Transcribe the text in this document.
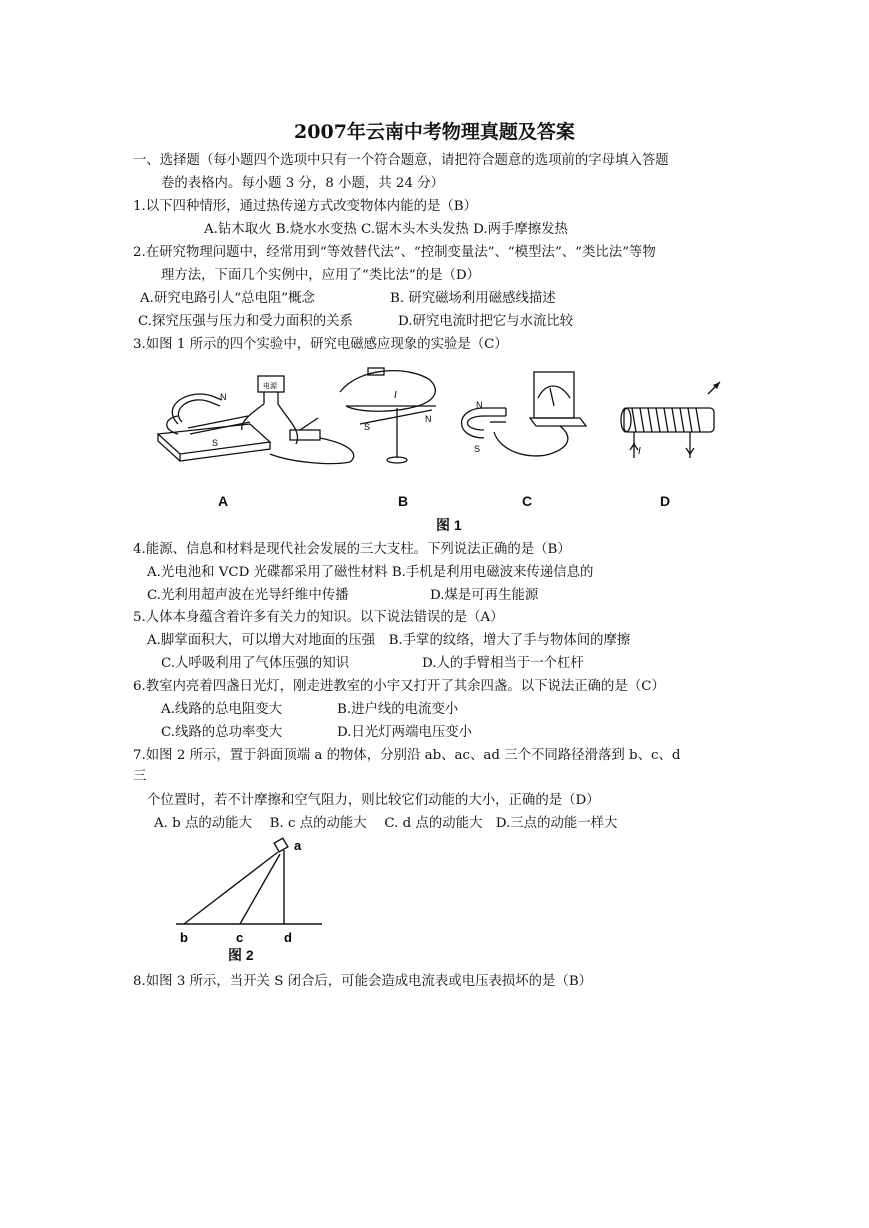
2007年云南中考物理真题及答案
一、选择题（每小题四个选项中只有一个符合题意，请把符合题意的选项前的字母填入答题
卷的表格内。每小题 3 分，8 小题，共 24 分）
1.以下四种情形，通过热传递方式改变物体内能的是（B）
A.钻木取火 B.烧水水变热 C.锯木头木头发热 D.两手摩擦发热
2.在研究物理问题中，经常用到“等效替代法”、“控制变量法”、“模型法”、“类比法”等物
理方法，下面几个实例中，应用了“类比法”的是（D）
A.研究电路引人“总电阻”概念	B. 研究磁场利用磁感线描述
C.探究压强与压力和受力面积的关系	D.研究电流时把它与水流比较
3.如图 1 所示的四个实验中，研究电磁感应现象的实验是（C）
N
S
电源
S
N
I
N
S	I
A	B	C	D
图 1
4.能源、信息和材料是现代社会发展的三大支柱。下列说法正确的是（B）
A.光电池和 VCD 光碟都采用了磁性材料 B.手机是利用电磁波来传递信息的
C.光利用超声波在光导纤维中传播	D.煤是可再生能源
5.人体本身蕴含着许多有关力的知识。以下说法错误的是（A）
A.脚掌面积大，可以增大对地面的压强　B.手掌的纹络，增大了手与物体间的摩擦
C.人呼吸利用了气体压强的知识	D.人的手臂相当于一个杠杆
6.教室内亮着四盏日光灯，刚走进教室的小宇又打开了其余四盏。以下说法正确的是（C）
A.线路的总电阻变大	B.进户线的电流变小
C.线路的总功率变大	D.日光灯两端电压变小
7.如图 2 所示，置于斜面顶端 a 的物体，分别沿 ab、ac、ad 三个不同路径滑落到 b、c、d
三
个位置时，若不计摩擦和空气阻力，则比较它们动能的大小，正确的是（D）
A. b 点的动能大　 B. c 点的动能大　 C. d 点的动能大　D.三点的动能一样大
a
b	c	d
图 2
8.如图 3 所示，当开关 S 闭合后，可能会造成电流表或电压表损坏的是（B）
